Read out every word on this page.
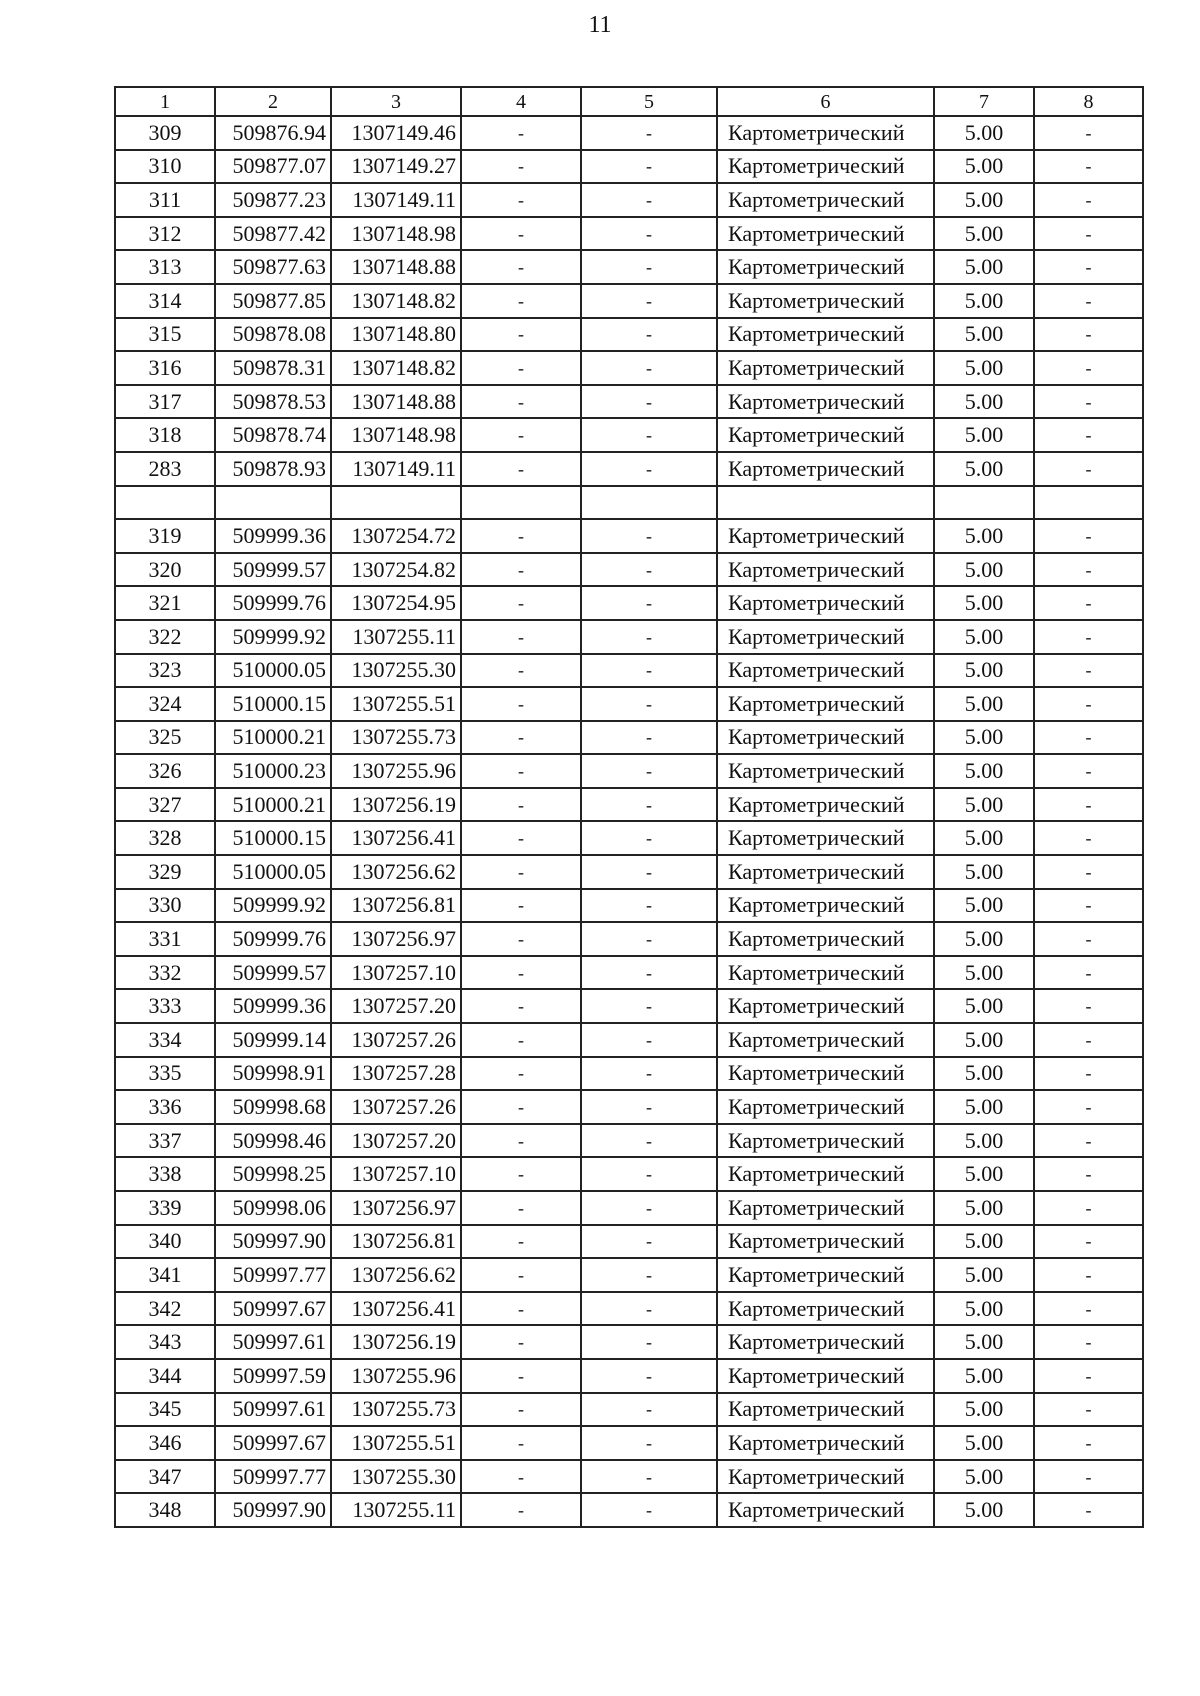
11
1	2	3	4	5	6	7	8
309	509876.94	1307149.46	-	-	Картометрический	5.00	-
310	509877.07	1307149.27	-	-	Картометрический	5.00	-
311	509877.23	1307149.11	-	-	Картометрический	5.00	-
312	509877.42	1307148.98	-	-	Картометрический	5.00	-
313	509877.63	1307148.88	-	-	Картометрический	5.00	-
314	509877.85	1307148.82	-	-	Картометрический	5.00	-
315	509878.08	1307148.80	-	-	Картометрический	5.00	-
316	509878.31	1307148.82	-	-	Картометрический	5.00	-
317	509878.53	1307148.88	-	-	Картометрический	5.00	-
318	509878.74	1307148.98	-	-	Картометрический	5.00	-
283	509878.93	1307149.11	-	-	Картометрический	5.00	-

319	509999.36	1307254.72	-	-	Картометрический	5.00	-
320	509999.57	1307254.82	-	-	Картометрический	5.00	-
321	509999.76	1307254.95	-	-	Картометрический	5.00	-
322	509999.92	1307255.11	-	-	Картометрический	5.00	-
323	510000.05	1307255.30	-	-	Картометрический	5.00	-
324	510000.15	1307255.51	-	-	Картометрический	5.00	-
325	510000.21	1307255.73	-	-	Картометрический	5.00	-
326	510000.23	1307255.96	-	-	Картометрический	5.00	-
327	510000.21	1307256.19	-	-	Картометрический	5.00	-
328	510000.15	1307256.41	-	-	Картометрический	5.00	-
329	510000.05	1307256.62	-	-	Картометрический	5.00	-
330	509999.92	1307256.81	-	-	Картометрический	5.00	-
331	509999.76	1307256.97	-	-	Картометрический	5.00	-
332	509999.57	1307257.10	-	-	Картометрический	5.00	-
333	509999.36	1307257.20	-	-	Картометрический	5.00	-
334	509999.14	1307257.26	-	-	Картометрический	5.00	-
335	509998.91	1307257.28	-	-	Картометрический	5.00	-
336	509998.68	1307257.26	-	-	Картометрический	5.00	-
337	509998.46	1307257.20	-	-	Картометрический	5.00	-
338	509998.25	1307257.10	-	-	Картометрический	5.00	-
339	509998.06	1307256.97	-	-	Картометрический	5.00	-
340	509997.90	1307256.81	-	-	Картометрический	5.00	-
341	509997.77	1307256.62	-	-	Картометрический	5.00	-
342	509997.67	1307256.41	-	-	Картометрический	5.00	-
343	509997.61	1307256.19	-	-	Картометрический	5.00	-
344	509997.59	1307255.96	-	-	Картометрический	5.00	-
345	509997.61	1307255.73	-	-	Картометрический	5.00	-
346	509997.67	1307255.51	-	-	Картометрический	5.00	-
347	509997.77	1307255.30	-	-	Картометрический	5.00	-
348	509997.90	1307255.11	-	-	Картометрический	5.00	-
